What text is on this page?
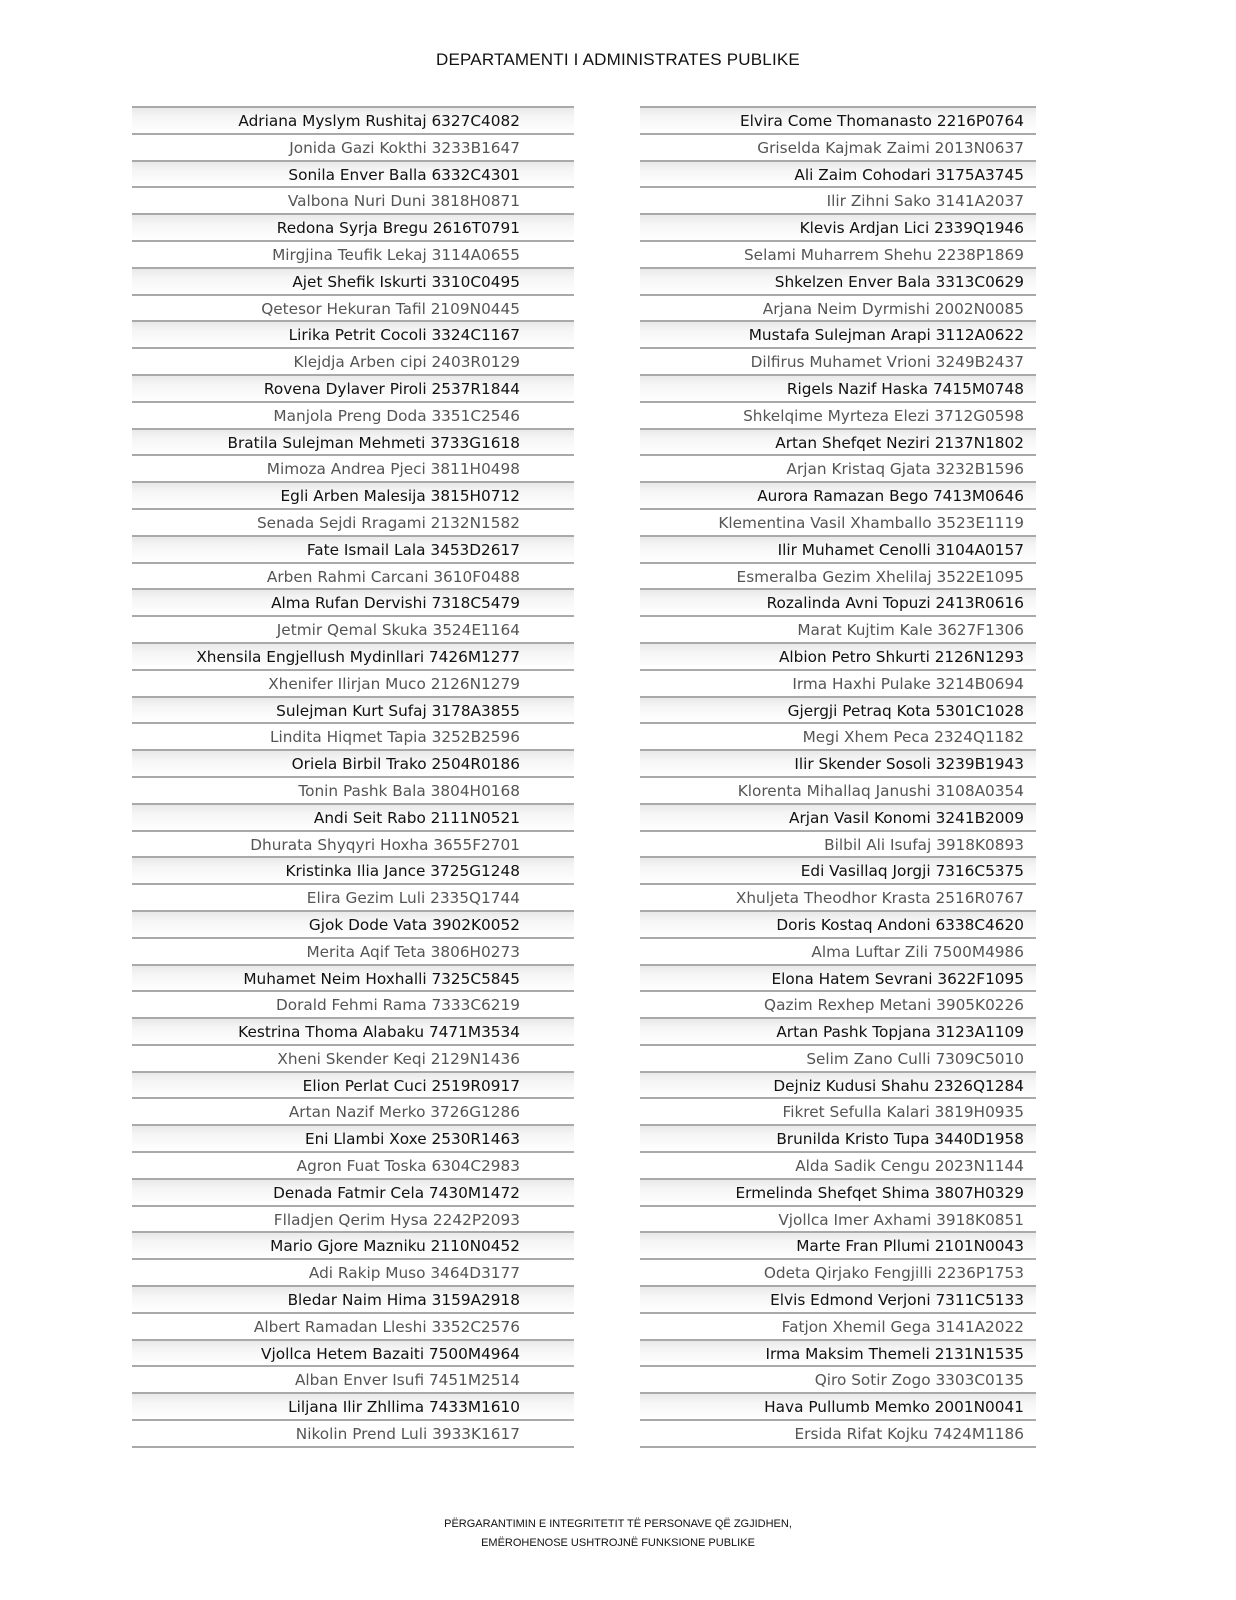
DEPARTAMENTI I ADMINISTRATES PUBLIKE
Adriana Myslym Rushitaj 6327C4082
Jonida Gazi Kokthi 3233B1647
Sonila Enver Balla 6332C4301
Valbona Nuri Duni 3818H0871
Redona Syrja Bregu 2616T0791
Mirgjina Teufik Lekaj 3114A0655
Ajet Shefik Iskurti 3310C0495
Qetesor Hekuran Tafil 2109N0445
Lirika Petrit Cocoli 3324C1167
Klejdja Arben cipi 2403R0129
Rovena Dylaver Piroli 2537R1844
Manjola Preng Doda 3351C2546
Bratila Sulejman Mehmeti 3733G1618
Mimoza Andrea Pjeci 3811H0498
Egli Arben Malesija 3815H0712
Senada Sejdi Rragami 2132N1582
Fate Ismail Lala 3453D2617
Arben Rahmi Carcani 3610F0488
Alma Rufan Dervishi 7318C5479
Jetmir Qemal Skuka 3524E1164
Xhensila Engjellush Mydinllari 7426M1277
Xhenifer Ilirjan Muco 2126N1279
Sulejman Kurt Sufaj 3178A3855
Lindita Hiqmet Tapia 3252B2596
Oriela Birbil Trako 2504R0186
Tonin Pashk Bala 3804H0168
Andi Seit Rabo 2111N0521
Dhurata Shyqyri Hoxha 3655F2701
Kristinka Ilia Jance 3725G1248
Elira Gezim Luli 2335Q1744
Gjok Dode Vata 3902K0052
Merita Aqif Teta 3806H0273
Muhamet Neim Hoxhalli 7325C5845
Dorald Fehmi Rama 7333C6219
Kestrina Thoma Alabaku 7471M3534
Xheni Skender Keqi 2129N1436
Elion Perlat Cuci 2519R0917
Artan Nazif Merko 3726G1286
Eni Llambi Xoxe 2530R1463
Agron Fuat Toska 6304C2983
Denada Fatmir Cela 7430M1472
Flladjen Qerim Hysa 2242P2093
Mario Gjore Mazniku 2110N0452
Adi Rakip Muso 3464D3177
Bledar Naim Hima 3159A2918
Albert Ramadan Lleshi 3352C2576
Vjollca Hetem Bazaiti 7500M4964
Alban Enver Isufi 7451M2514
Liljana Ilir Zhllima 7433M1610
Nikolin Prend Luli 3933K1617
Elvira Come Thomanasto 2216P0764
Griselda Kajmak Zaimi 2013N0637
Ali Zaim Cohodari 3175A3745
Ilir Zihni Sako 3141A2037
Klevis Ardjan Lici 2339Q1946
Selami Muharrem Shehu 2238P1869
Shkelzen Enver Bala 3313C0629
Arjana Neim Dyrmishi 2002N0085
Mustafa Sulejman Arapi 3112A0622
Dilfirus Muhamet Vrioni 3249B2437
Rigels Nazif Haska 7415M0748
Shkelqime Myrteza Elezi 3712G0598
Artan Shefqet Neziri 2137N1802
Arjan Kristaq Gjata 3232B1596
Aurora Ramazan Bego 7413M0646
Klementina Vasil Xhamballo 3523E1119
Ilir Muhamet Cenolli 3104A0157
Esmeralba Gezim Xhelilaj 3522E1095
Rozalinda Avni Topuzi 2413R0616
Marat Kujtim Kale 3627F1306
Albion Petro Shkurti 2126N1293
Irma Haxhi Pulake 3214B0694
Gjergji Petraq Kota 5301C1028
Megi Xhem Peca 2324Q1182
Ilir Skender Sosoli 3239B1943
Klorenta Mihallaq Janushi 3108A0354
Arjan Vasil Konomi 3241B2009
Bilbil Ali Isufaj 3918K0893
Edi Vasillaq Jorgji 7316C5375
Xhuljeta Theodhor Krasta 2516R0767
Doris Kostaq Andoni 6338C4620
Alma Luftar Zili 7500M4986
Elona Hatem Sevrani 3622F1095
Qazim Rexhep Metani 3905K0226
Artan Pashk Topjana 3123A1109
Selim Zano Culli 7309C5010
Dejniz Kudusi Shahu 2326Q1284
Fikret Sefulla Kalari 3819H0935
Brunilda Kristo Tupa 3440D1958
Alda Sadik Cengu 2023N1144
Ermelinda Shefqet Shima 3807H0329
Vjollca Imer Axhami 3918K0851
Marte Fran Pllumi 2101N0043
Odeta Qirjako Fengjilli 2236P1753
Elvis Edmond Verjoni 7311C5133
Fatjon Xhemil Gega 3141A2022
Irma Maksim Themeli 2131N1535
Qiro Sotir Zogo 3303C0135
Hava Pullumb Memko 2001N0041
Ersida Rifat Kojku 7424M1186
PËRGARANTIMIN E INTEGRITETIT TË PERSONAVE QË ZGJIDHEN,
EMËROHENOSE USHTROJNË FUNKSIONE PUBLIKE
